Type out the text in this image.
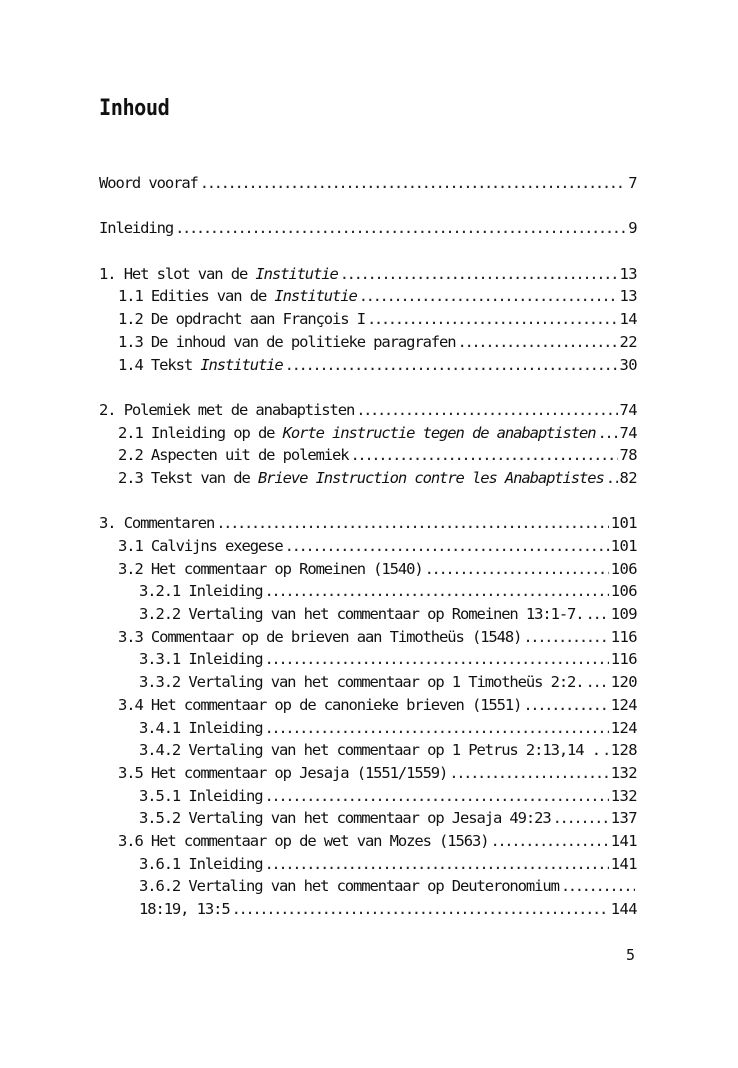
Inhoud
Woord vooraf .....	7
Inleiding .....	9
1. Het slot van de Institutie .....	13
1.1 Edities van de Institutie .....	13
1.2 De opdracht aan François I .....	14
1.3 De inhoud van de politieke paragrafen .....	22
1.4 Tekst Institutie .....	30
2. Polemiek met de anabaptisten .....	74
2.1 Inleiding op de Korte instructie tegen de anabaptisten ..... 74
2.2 Aspecten uit de polemiek .....	78
2.3 Tekst van de Brieve Instruction contre les Anabaptistes ..... 82
3. Commentaren .....	101
3.1 Calvijns exegese .....	101
3.2 Het commentaar op Romeinen (1540) .....	106
3.2.1 Inleiding .....	106
3.2.2 Vertaling van het commentaar op Romeinen 13:1-7. ..... 109
3.3 Commentaar op de brieven aan Timotheüs (1548) .....	116
3.3.1 Inleiding .....	116
3.3.2 Vertaling van het commentaar op 1 Timotheüs 2:2. ..... 120
3.4 Het commentaar op de canonieke brieven (1551) .....	124
3.4.1 Inleiding .....	124
3.4.2 Vertaling van het commentaar op 1 Petrus 2:13,14 . ..... 128
3.5 Het commentaar op Jesaja (1551/1559) .....	132
3.5.1 Inleiding .....	132
3.5.2 Vertaling van het commentaar op Jesaja 49:23 .....	137
3.6 Het commentaar op de wet van Mozes (1563) .....	141
3.6.1 Inleiding .....	141
3.6.2 Vertaling van het commentaar op Deuteronomium
.....
18:19, 13:5 .....	144
5
